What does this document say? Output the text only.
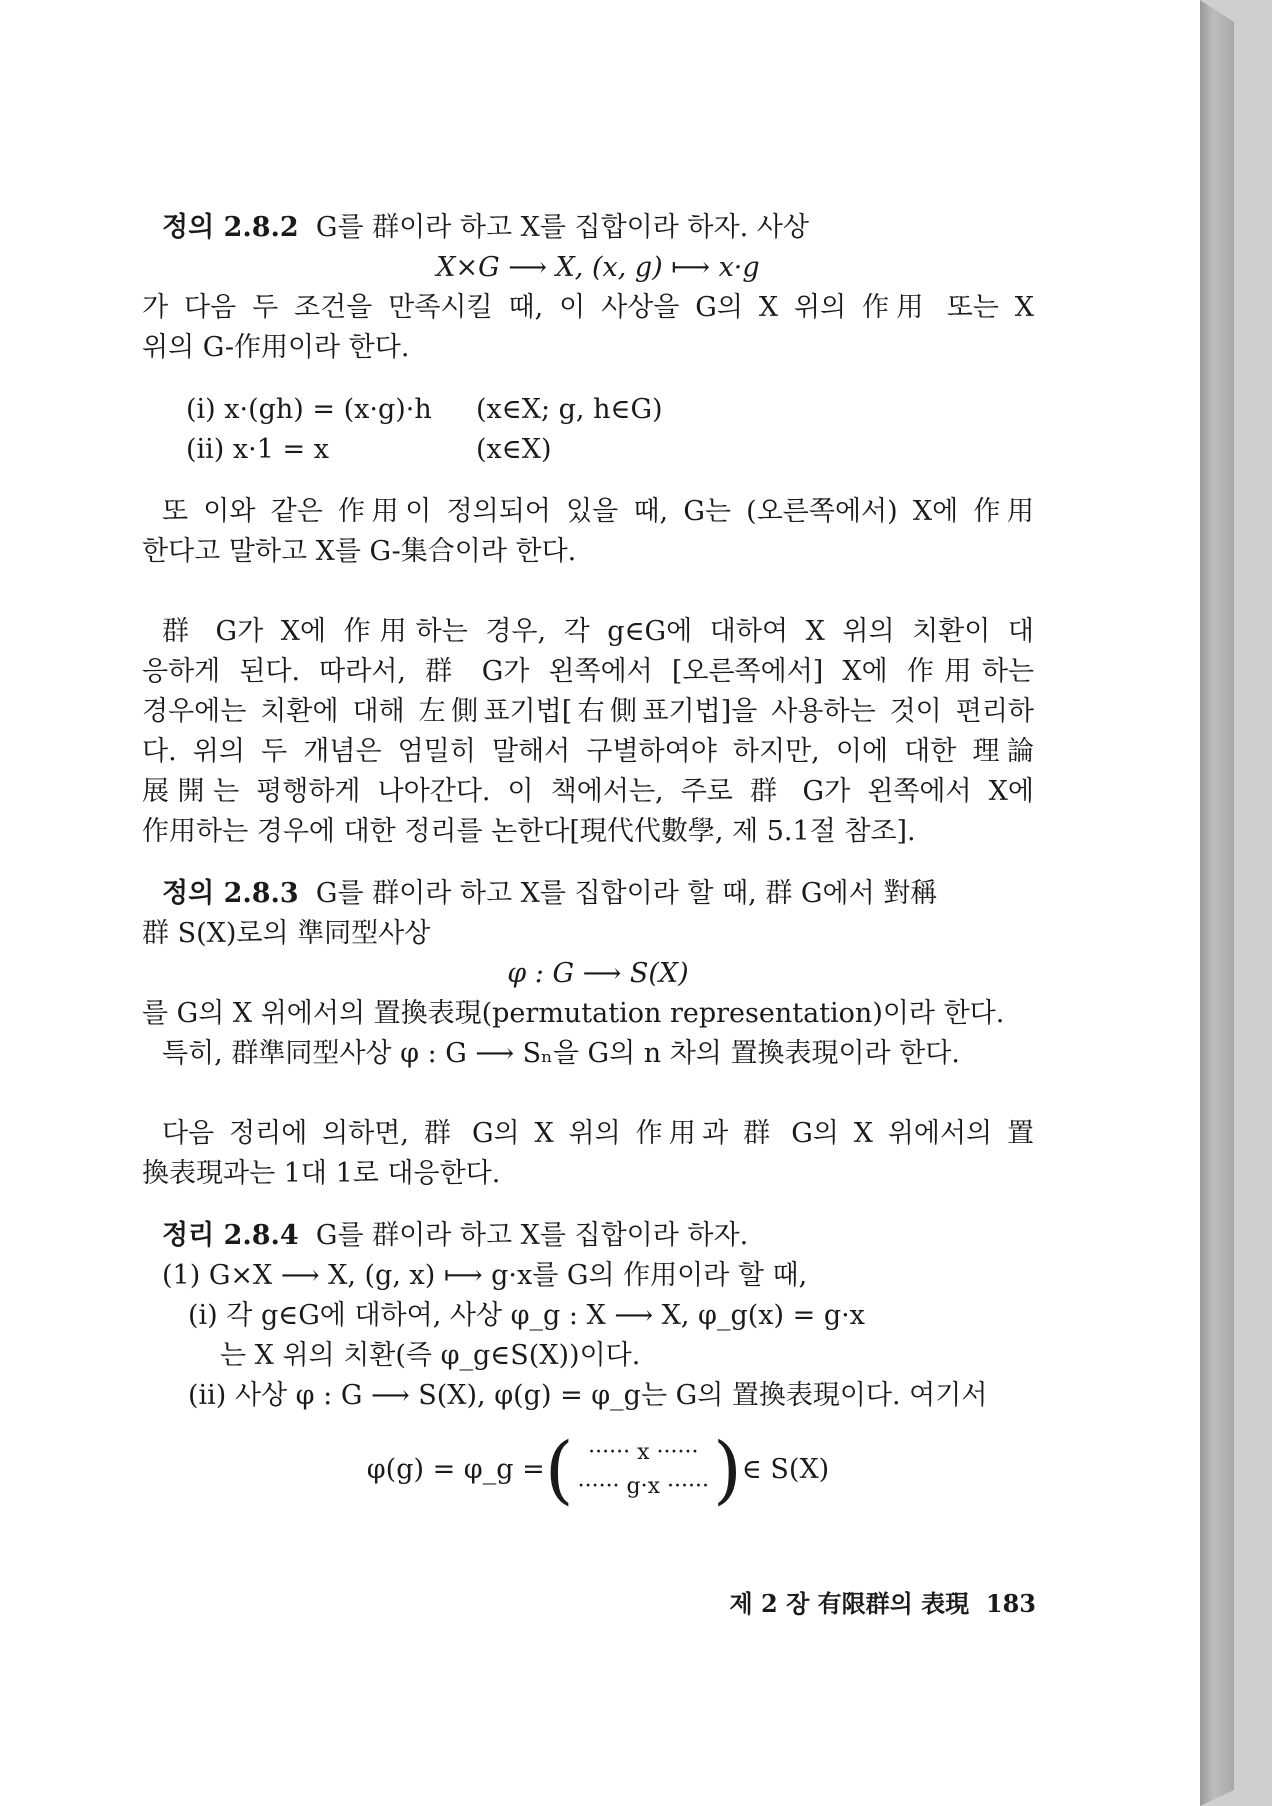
정의 2.8.2 G를 群이라 하고 X를 집합이라 하자. 사상
X×G ⟶ X, (x, g) ⟼ x·g
가 다음 두 조건을 만족시킬 때, 이 사상을 G의 X 위의 作用 또는 X
위의 G-作用이라 한다.
(i) x·(gh) = (x·g)·h	(x∈X; g, h∈G)
(ii) x·1 = x	(x∈X)
또 이와 같은 作用이 정의되어 있을 때, G는 (오른쪽에서) X에 作用
한다고 말하고 X를 G-集合이라 한다.
群 G가 X에 作用하는 경우, 각 g∈G에 대하여 X 위의 치환이 대
응하게 된다. 따라서, 群 G가 왼쪽에서 [오른쪽에서] X에 作用하는
경우에는 치환에 대해 左側표기법[右側표기법]을 사용하는 것이 편리하
다. 위의 두 개념은 엄밀히 말해서 구별하여야 하지만, 이에 대한 理論
展開는 평행하게 나아간다. 이 책에서는, 주로 群 G가 왼쪽에서 X에
作用하는 경우에 대한 정리를 논한다[現代代數學, 제 5.1절 참조].
정의 2.8.3 G를 群이라 하고 X를 집합이라 할 때, 群 G에서 對稱
群 S(X)로의 準同型사상
φ : G ⟶ S(X)
를 G의 X 위에서의 置換表現(permutation representation)이라 한다.
특히, 群準同型사상 φ : G ⟶ Sₙ을 G의 n 차의 置換表現이라 한다.
다음 정리에 의하면, 群 G의 X 위의 作用과 群 G의 X 위에서의 置
換表現과는 1대 1로 대응한다.
정리 2.8.4 G를 群이라 하고 X를 집합이라 하자.
(1) G×X ⟶ X, (g, x) ⟼ g·x를 G의 作用이라 할 때,
(i) 각 g∈G에 대하여, 사상 φ_g : X ⟶ X, φ_g(x) = g·x
는 X 위의 치환(즉 φ_g∈S(X))이다.
(ii) 사상 φ : G ⟶ S(X), φ(g) = φ_g는 G의 置換表現이다. 여기서
φ(g) = φ_g = ( ······ x ······
······ g·x ······ ) ∈ S(X)
제 2 장 有限群의 表現 183
